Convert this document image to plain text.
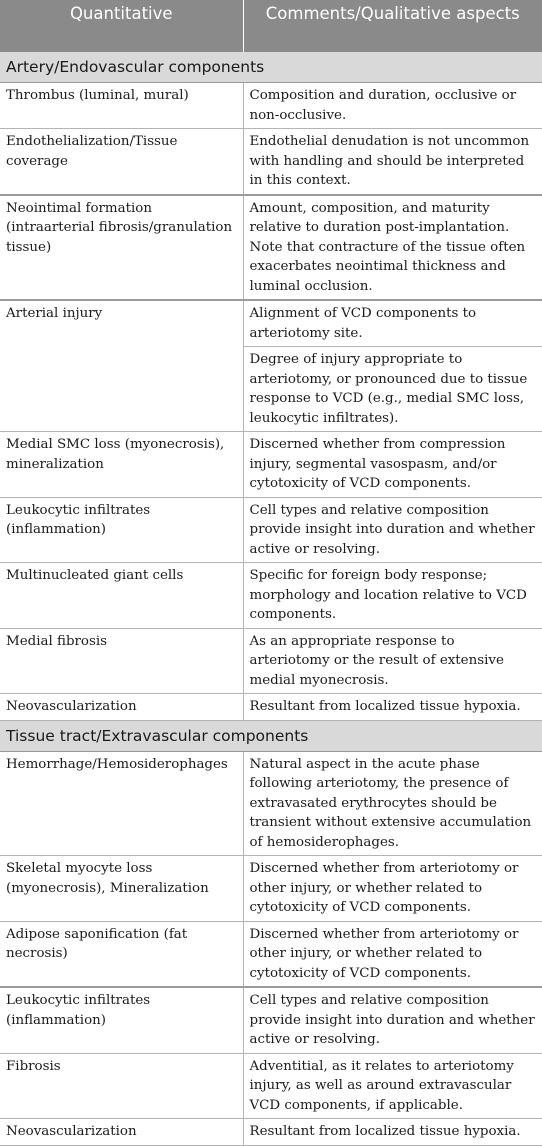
Quantitative	Comments/Qualitative aspects
Artery/Endovascular components	
Thrombus (luminal, mural)	Composition and duration, occlusive or non-occlusive.
Endothelialization/Tissue coverage	Endothelial denudation is not uncommon with handling and should be interpreted in this context.
Neointimal formation (intraarterial fibrosis/granulation tissue)	Amount, composition, and maturity relative to duration post-implantation. Note that contracture of the tissue often exacerbates neointimal thickness and luminal occlusion.
Arterial injury	Alignment of VCD components to arteriotomy site.
	Degree of injury appropriate to arteriotomy, or pronounced due to tissue response to VCD (e.g., medial SMC loss, leukocytic infiltrates).
Medial SMC loss (myonecrosis), mineralization	Discerned whether from compression injury, segmental vasospasm, and/or cytotoxicity of VCD components.
Leukocytic infiltrates (inflammation)	Cell types and relative composition provide insight into duration and whether active or resolving.
Multinucleated giant cells	Specific for foreign body response; morphology and location relative to VCD components.
Medial fibrosis	As an appropriate response to arteriotomy or the result of extensive medial myonecrosis.
Neovascularization	Resultant from localized tissue hypoxia.
Tissue tract/Extravascular components	
Hemorrhage/Hemosiderophages	Natural aspect in the acute phase following arteriotomy, the presence of extravasated erythrocytes should be transient without extensive accumulation of hemosiderophages.
Skeletal myocyte loss (myonecrosis), Mineralization	Discerned whether from arteriotomy or other injury, or whether related to cytotoxicity of VCD components.
Adipose saponification (fat necrosis)	Discerned whether from arteriotomy or other injury, or whether related to cytotoxicity of VCD components.
Leukocytic infiltrates (inflammation)	Cell types and relative composition provide insight into duration and whether active or resolving.
Fibrosis	Adventitial, as it relates to arteriotomy injury, as well as around extravascular VCD components, if applicable.
Neovascularization	Resultant from localized tissue hypoxia.
